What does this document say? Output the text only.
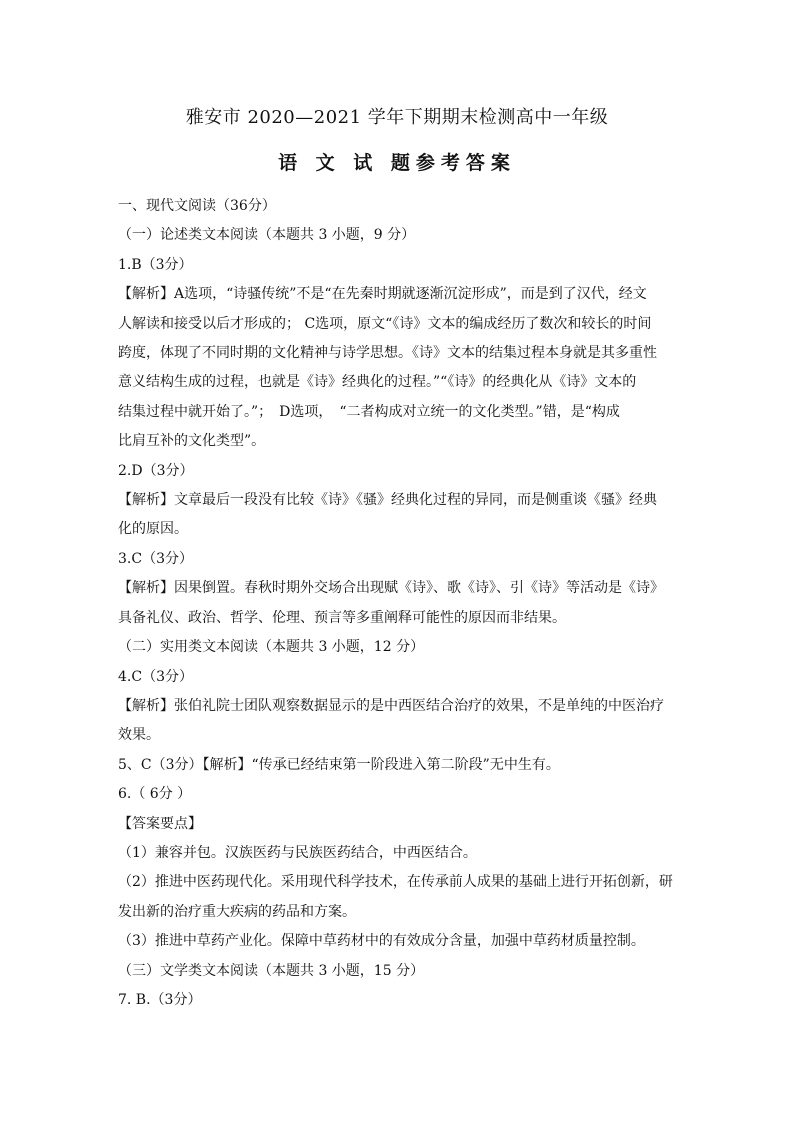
雅安市 2020—2021 学年下期期末检测高中一年级
语 文 试 题参考答案

一、现代文阅读（36分）

（一）论述类文本阅读（本题共 3 小题，9 分）

1.B（3分）

【解析】A选项，“诗骚传统”不是“在先秦时期就逐渐沉淀形成”，而是到了汉代，经文

人解读和接受以后才形成的； C选项，原文“《诗》文本的编成经历了数次和较长的时间

跨度，体现了不同时期的文化精神与诗学思想。《诗》文本的结集过程本身就是其多重性

意义结构生成的过程，也就是《诗》经典化的过程。”“《诗》的经典化从《诗》文本的

结集过程中就开始了。”；　D选项，　“二者构成对立统一的文化类型。”错，是“构成

比肩互补的文化类型”。

2.D（3分）

【解析】文章最后一段没有比较《诗》《骚》经典化过程的异同，而是侧重谈《骚》经典

化的原因。

3.C（3分）

【解析】因果倒置。春秋时期外交场合出现赋《诗》、歌《诗》、引《诗》等活动是《诗》

具备礼仪、政治、哲学、伦理、预言等多重阐释可能性的原因而非结果。

（二）实用类文本阅读（本题共 3 小题，12 分）

4.C（3分）

【解析】张伯礼院士团队观察数据显示的是中西医结合治疗的效果，不是单纯的中医治疗

效果。

5、C（3分）【解析】“传承已经结束第一阶段进入第二阶段”无中生有。

6.（ 6分 ）

【答案要点】

（1）兼容并包。汉族医药与民族医药结合，中西医结合。

（2）推进中医药现代化。采用现代科学技术，在传承前人成果的基础上进行开拓创新，研

发出新的治疗重大疾病的药品和方案。

（3）推进中草药产业化。保障中草药材中的有效成分含量，加强中草药材质量控制。

（三）文学类文本阅读（本题共 3 小题，15 分）

7. B.（3分）
